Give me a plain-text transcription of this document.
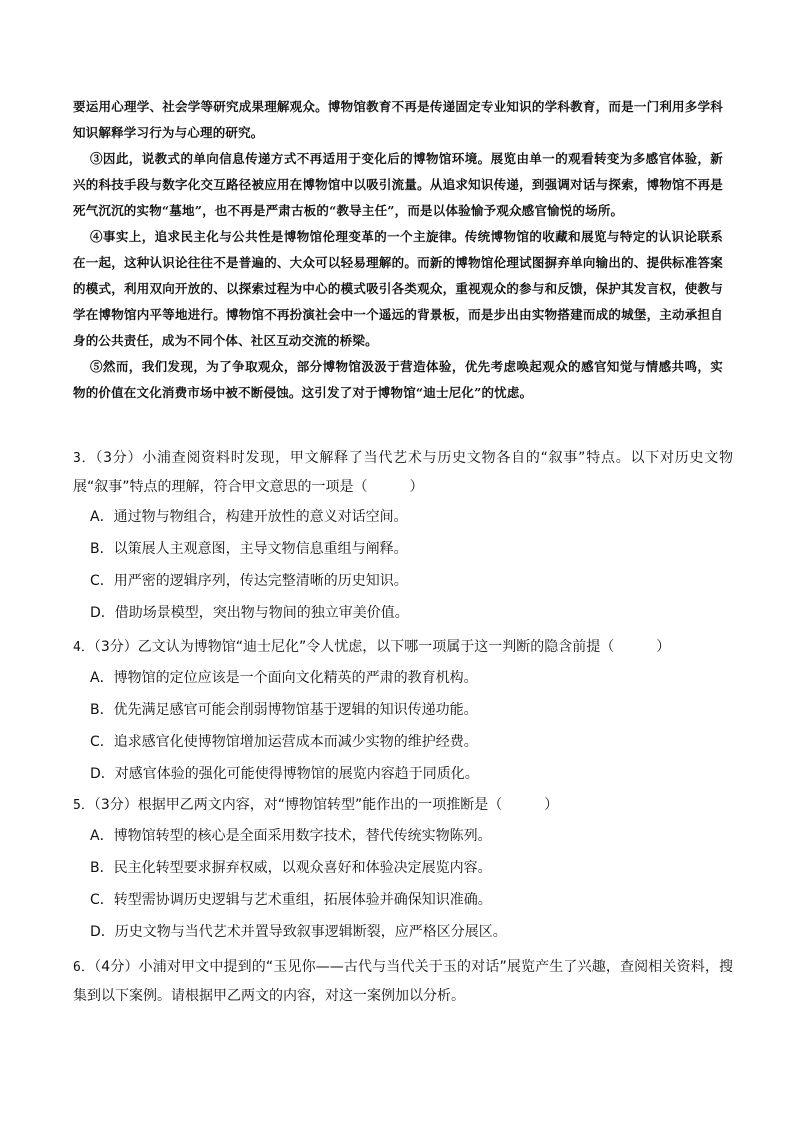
要运用心理学、社会学等研究成果理解观众。博物馆教育不再是传递固定专业知识的学科教育，而是一门利用多学科知识解释学习行为与心理的研究。

③因此，说教式的单向信息传递方式不再适用于变化后的博物馆环境。展览由单一的观看转变为多感官体验，新兴的科技手段与数字化交互路径被应用在博物馆中以吸引流量。从追求知识传递，到强调对话与探索，博物馆不再是死气沉沉的实物“墓地”，也不再是严肃古板的“教导主任”，而是以体验愉予观众感官愉悦的场所。

④事实上，追求民主化与公共性是博物馆伦理变革的一个主旋律。传统博物馆的收藏和展览与特定的认识论联系在一起，这种认识论往往不是普遍的、大众可以轻易理解的。而新的博物馆伦理试图摒弃单向输出的、提供标准答案的模式，利用双向开放的、以探索过程为中心的模式吸引各类观众，重视观众的参与和反馈，保护其发言权，使教与学在博物馆内平等地进行。博物馆不再扮演社会中一个遥远的背景板，而是步出由实物搭建而成的城堡，主动承担自身的公共责任，成为不同个体、社区互动交流的桥梁。

⑤然而，我们发现，为了争取观众，部分博物馆汲汲于营造体验，优先考虑唤起观众的感官知觉与情感共鸣，实物的价值在文化消费市场中被不断侵蚀。这引发了对于博物馆“迪士尼化”的忧虑。

3．（3分）小浦查阅资料时发现，甲文解释了当代艺术与历史文物各自的“叙事”特点。以下对历史文物展“叙事”特点的理解，符合甲文意思的一项是（　　　）

A．通过物与物组合，构建开放性的意义对话空间。

B．以策展人主观意图，主导文物信息重组与阐释。

C．用严密的逻辑序列，传达完整清晰的历史知识。

D．借助场景模型，突出物与物间的独立审美价值。

4．（3分）乙文认为博物馆“迪士尼化”令人忧虑，以下哪一项属于这一判断的隐含前提（　　　）

A．博物馆的定位应该是一个面向文化精英的严肃的教育机构。

B．优先满足感官可能会削弱博物馆基于逻辑的知识传递功能。

C．追求感官化使博物馆增加运营成本而减少实物的维护经费。

D．对感官体验的强化可能使得博物馆的展览内容趋于同质化。

5．（3分）根据甲乙两文内容，对“博物馆转型”能作出的一项推断是（　　　）

A．博物馆转型的核心是全面采用数字技术，替代传统实物陈列。

B．民主化转型要求摒弃权威，以观众喜好和体验决定展览内容。

C．转型需协调历史逻辑与艺术重组，拓展体验并确保知识准确。

D．历史文物与当代艺术并置导致叙事逻辑断裂，应严格区分展区。

6．（4分）小浦对甲文中提到的“玉见你——古代与当代关于玉的对话”展览产生了兴趣，查阅相关资料，搜集到以下案例。请根据甲乙两文的内容，对这一案例加以分析。
